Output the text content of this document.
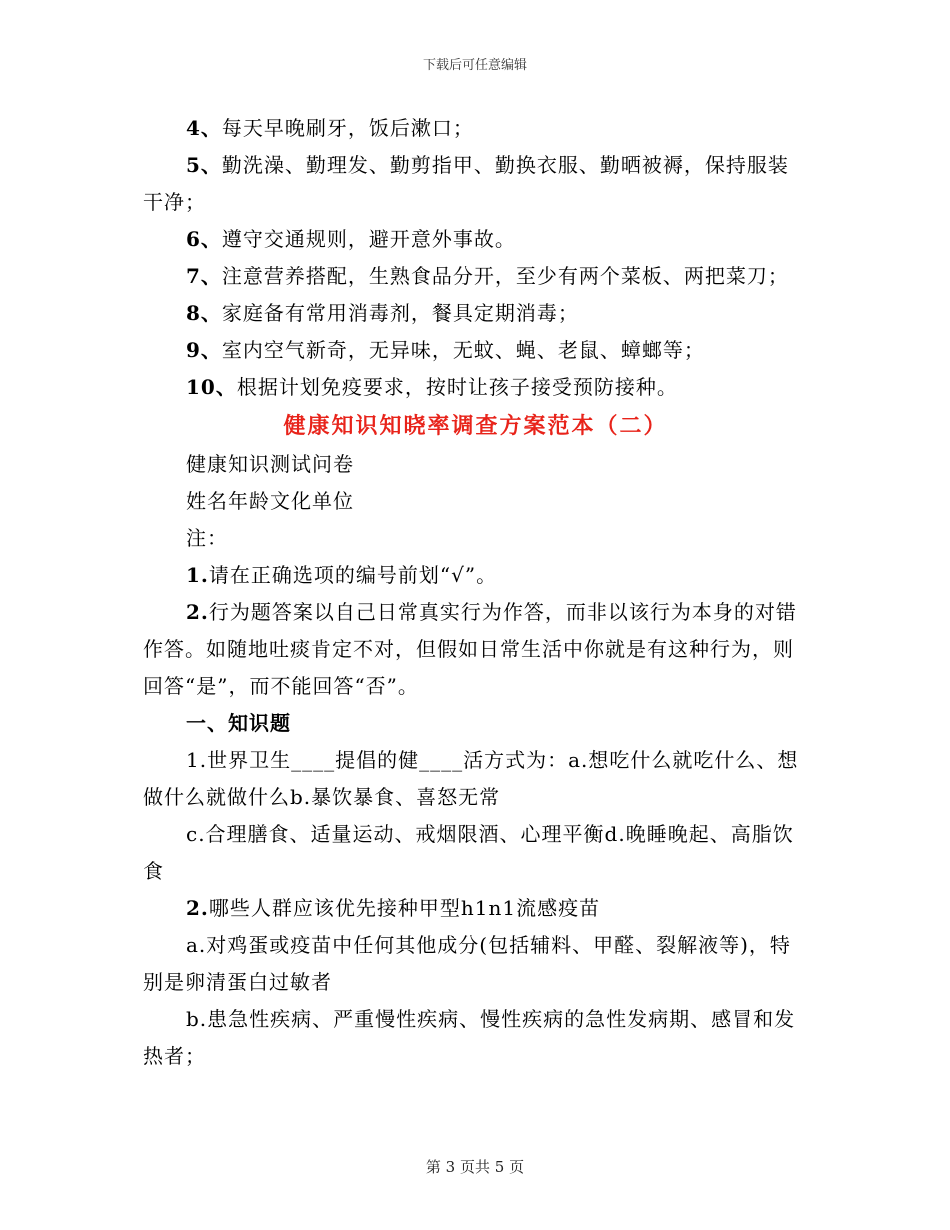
下载后可任意编辑

4、每天早晚刷牙，饭后漱口；

5、勤洗澡、勤理发、勤剪指甲、勤换衣服、勤晒被褥，保持服装干净；

6、遵守交通规则，避开意外事故。

7、注意营养搭配，生熟食品分开，至少有两个菜板、两把菜刀；

8、家庭备有常用消毒剂，餐具定期消毒；

9、室内空气新奇，无异味，无蚊、蝇、老鼠、蟑螂等；

10、根据计划免疫要求，按时让孩子接受预防接种。

健康知识知晓率调查方案范本（二）

健康知识测试问卷

姓名年龄文化单位

注：

1.请在正确选项的编号前划“√”。

2.行为题答案以自己日常真实行为作答，而非以该行为本身的对错作答。如随地吐痰肯定不对，但假如日常生活中你就是有这种行为，则回答“是”，而不能回答“否”。

一、知识题

1.世界卫生____提倡的健____活方式为：a.想吃什么就吃什么、想做什么就做什么b.暴饮暴食、喜怒无常

c.合理膳食、适量运动、戒烟限酒、心理平衡d.晚睡晚起、高脂饮食

2.哪些人群应该优先接种甲型h1n1流感疫苗

a.对鸡蛋或疫苗中任何其他成分(包括辅料、甲醛、裂解液等)，特别是卵清蛋白过敏者

b.患急性疾病、严重慢性疾病、慢性疾病的急性发病期、感冒和发热者；

第 3 页共 5 页
